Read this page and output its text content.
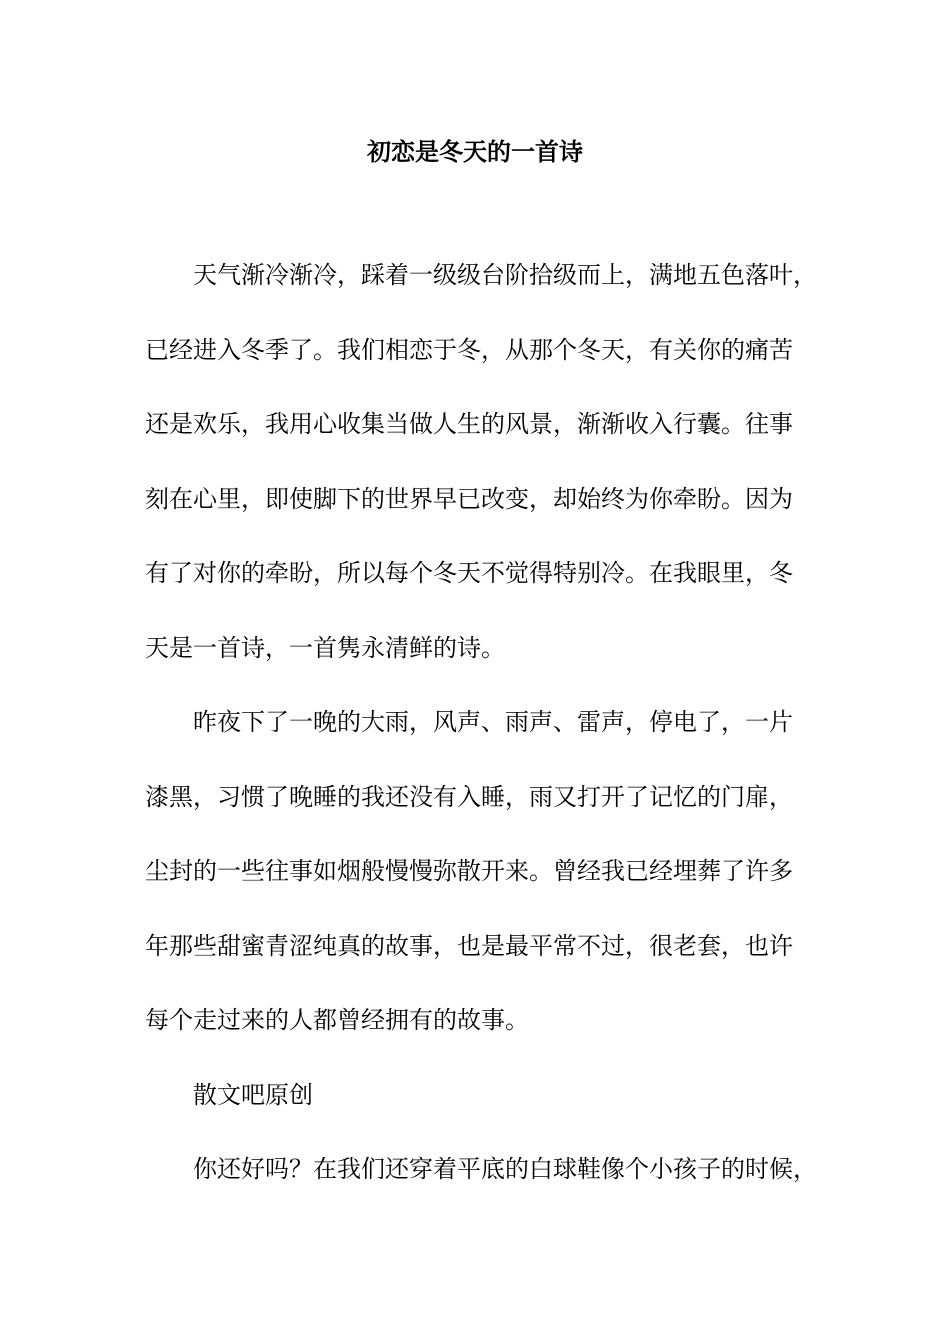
初恋是冬天的一首诗
天气渐冷渐冷，踩着一级级台阶拾级而上，满地五色落叶，
已经进入冬季了。我们相恋于冬，从那个冬天，有关你的痛苦
还是欢乐，我用心收集当做人生的风景，渐渐收入行囊。往事
刻在心里，即使脚下的世界早已改变，却始终为你牵盼。因为
有了对你的牵盼，所以每个冬天不觉得特别冷。在我眼里，冬
天是一首诗，一首隽永清鲜的诗。
昨夜下了一晚的大雨，风声、雨声、雷声，停电了，一片
漆黑，习惯了晚睡的我还没有入睡，雨又打开了记忆的门扉，
尘封的一些往事如烟般慢慢弥散开来。曾经我已经埋葬了许多
年那些甜蜜青涩纯真的故事，也是最平常不过，很老套，也许
每个走过来的人都曾经拥有的故事。
散文吧原创
你还好吗？在我们还穿着平底的白球鞋像个小孩子的时候，
